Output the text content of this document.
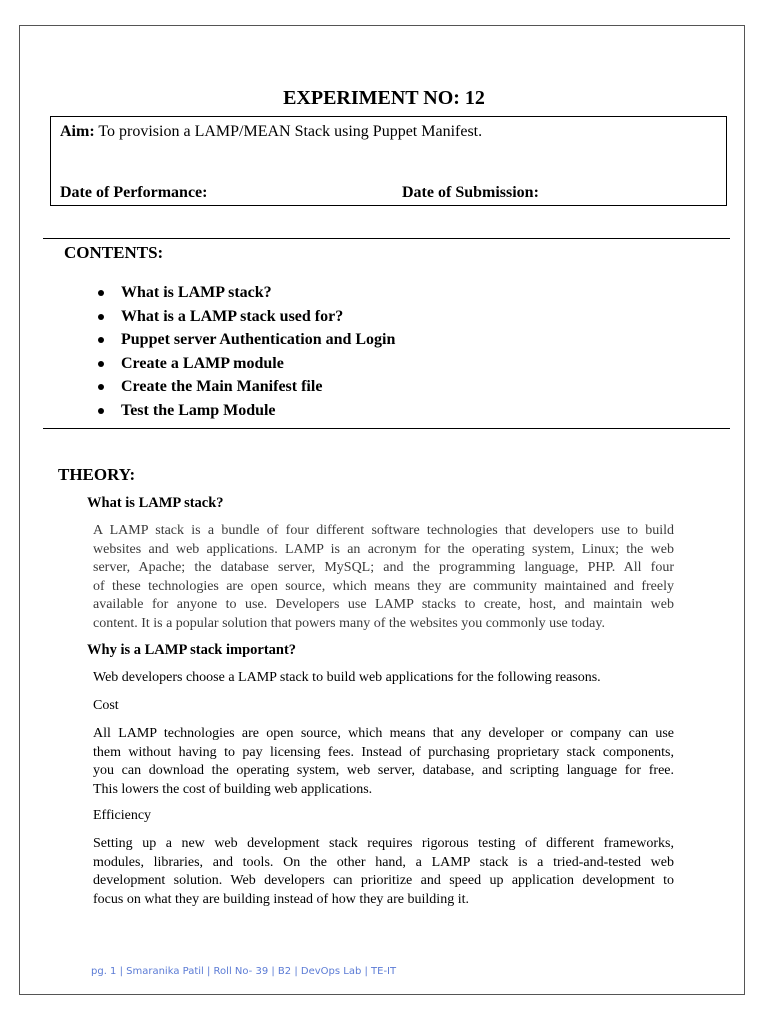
EXPERIMENT NO: 12

Aim: To provision a LAMP/MEAN Stack using Puppet Manifest.

Date of Performance:	Date of Submission:
CONTENTS:
What is LAMP stack?
What is a LAMP stack used for?
Puppet server Authentication and Login
Create a LAMP module
Create the Main Manifest file
Test the Lamp Module
THEORY:
What is LAMP stack?
A LAMP stack is a bundle of four different software technologies that developers use to build
websites and web applications. LAMP is an acronym for the operating system, Linux; the web
server, Apache; the database server, MySQL; and the programming language, PHP. All four
of these technologies are open source, which means they are community maintained and freely
available for anyone to use. Developers use LAMP stacks to create, host, and maintain web
content. It is a popular solution that powers many of the websites you commonly use today.
Why is a LAMP stack important?

Web developers choose a LAMP stack to build web applications for the following reasons.

Cost

All LAMP technologies are open source, which means that any developer or company can use
them without having to pay licensing fees. Instead of purchasing proprietary stack components,
you can download the operating system, web server, database, and scripting language for free.
This lowers the cost of building web applications.

Efficiency

Setting up a new web development stack requires rigorous testing of different frameworks,
modules, libraries, and tools. On the other hand, a LAMP stack is a tried-and-tested web
development solution. Web developers can prioritize and speed up application development to
focus on what they are building instead of how they are building it.

pg. 1 | Smaranika Patil | Roll No- 39 | B2 | DevOps Lab | TE-IT
